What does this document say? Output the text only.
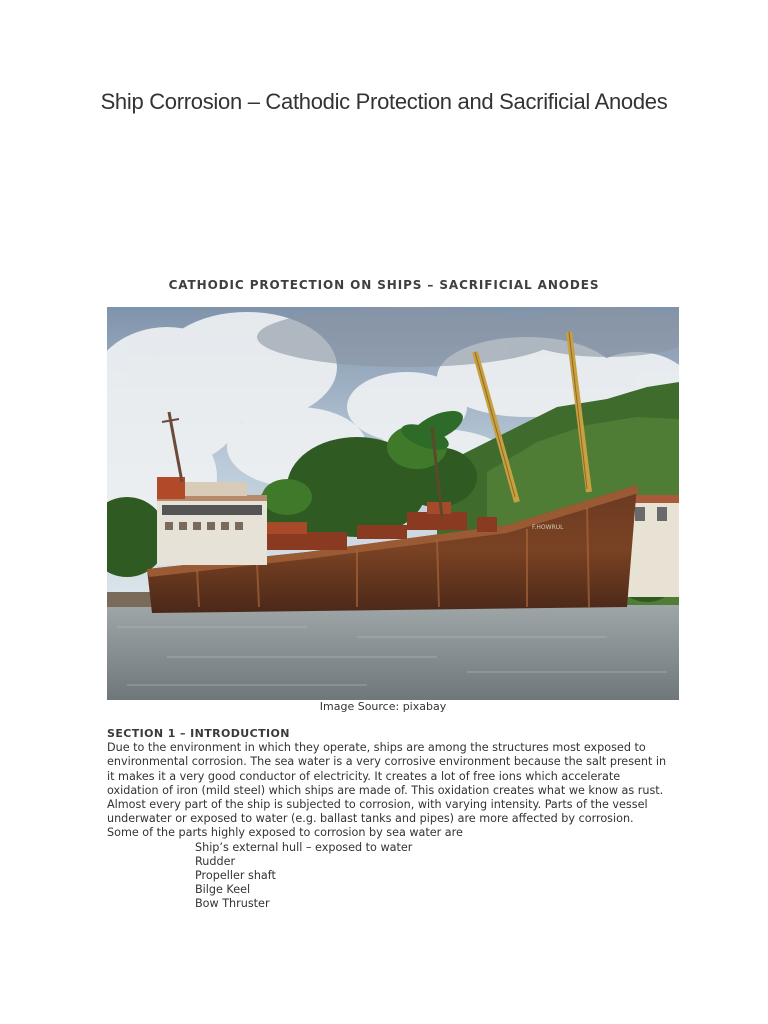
Ship Corrosion – Cathodic Protection and Sacrificial Anodes
CATHODIC PROTECTION ON SHIPS – SACRIFICIAL ANODES
F.HOWRUL
Image Source: pixabay

SECTION 1 – INTRODUCTION

Due to the environment in which they operate, ships are among the structures most exposed to environmental corrosion. The sea water is a very corrosive environment because the salt present in it makes it a very good conductor of electricity. It creates a lot of free ions which accelerate oxidation of iron (mild steel) which ships are made of. This oxidation creates what we know as rust.

Almost every part of the ship is subjected to corrosion, with varying intensity. Parts of the vessel underwater or exposed to water (e.g. ballast tanks and pipes) are more affected by corrosion. Some of the parts highly exposed to corrosion by sea water are

Ship’s external hull – exposed to water
Rudder
Propeller shaft
Bilge Keel
Bow Thruster
